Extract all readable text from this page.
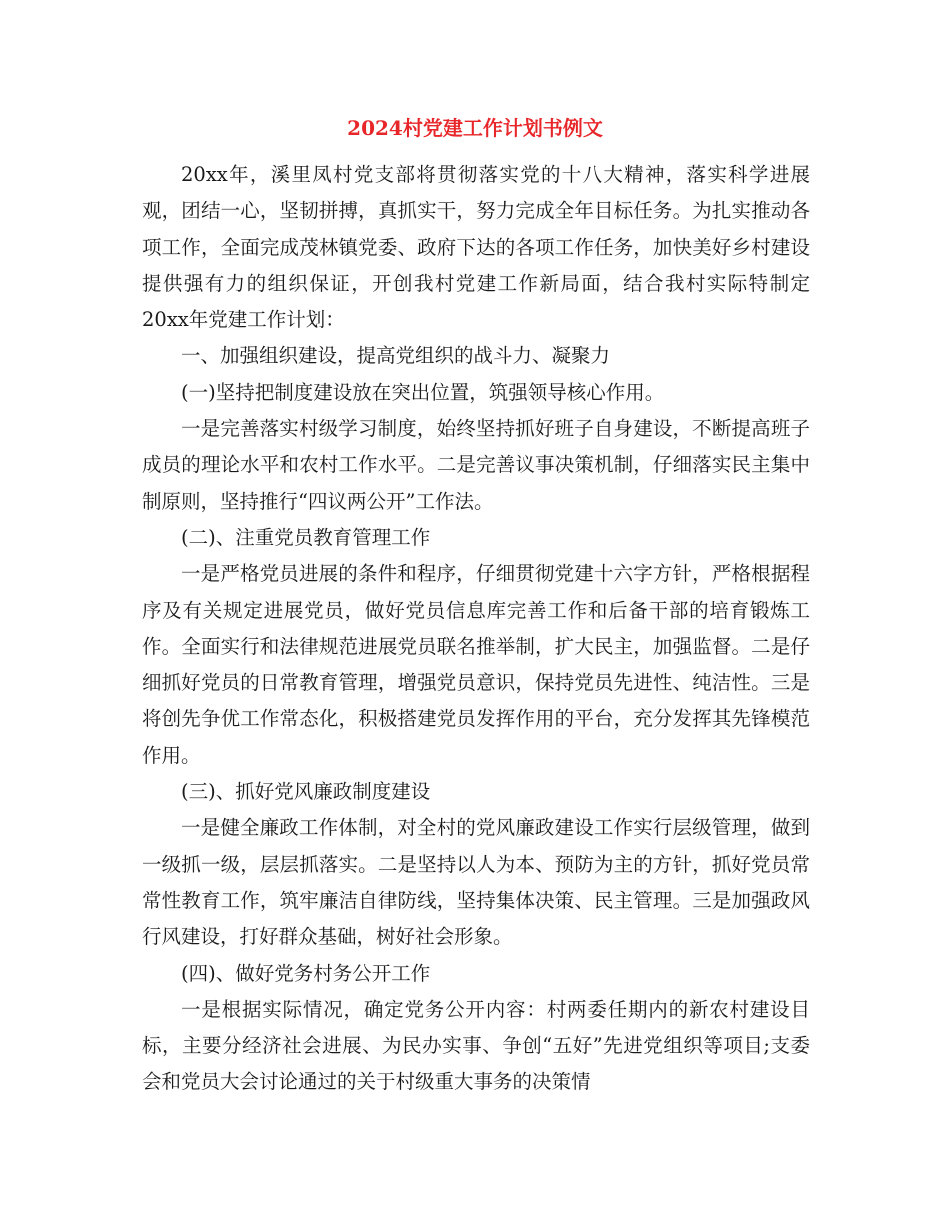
2024村党建工作计划书例文

20xx年，溪里凤村党支部将贯彻落实党的十八大精神，落实科学进展观，团结一心，坚韧拼搏，真抓实干，努力完成全年目标任务。为扎实推动各项工作，全面完成茂林镇党委、政府下达的各项工作任务，加快美好乡村建设提供强有力的组织保证，开创我村党建工作新局面，结合我村实际特制定20xx年党建工作计划：

一、加强组织建设，提高党组织的战斗力、凝聚力

(一)坚持把制度建设放在突出位置，筑强领导核心作用。

一是完善落实村级学习制度，始终坚持抓好班子自身建设，不断提高班子成员的理论水平和农村工作水平。二是完善议事决策机制，仔细落实民主集中制原则，坚持推行“四议两公开”工作法。

(二)、注重党员教育管理工作

一是严格党员进展的条件和程序，仔细贯彻党建十六字方针，严格根据程序及有关规定进展党员，做好党员信息库完善工作和后备干部的培育锻炼工作。全面实行和法律规范进展党员联名推举制，扩大民主，加强监督。二是仔细抓好党员的日常教育管理，增强党员意识，保持党员先进性、纯洁性。三是将创先争优工作常态化，积极搭建党员发挥作用的平台，充分发挥其先锋模范作用。

(三)、抓好党风廉政制度建设

一是健全廉政工作体制，对全村的党风廉政建设工作实行层级管理，做到一级抓一级，层层抓落实。二是坚持以人为本、预防为主的方针，抓好党员常常性教育工作，筑牢廉洁自律防线，坚持集体决策、民主管理。三是加强政风行风建设，打好群众基础，树好社会形象。

(四)、做好党务村务公开工作

一是根据实际情况，确定党务公开内容：村两委任期内的新农村建设目标，主要分经济社会进展、为民办实事、争创“五好”先进党组织等项目;支委会和党员大会讨论通过的关于村级重大事务的决策情
